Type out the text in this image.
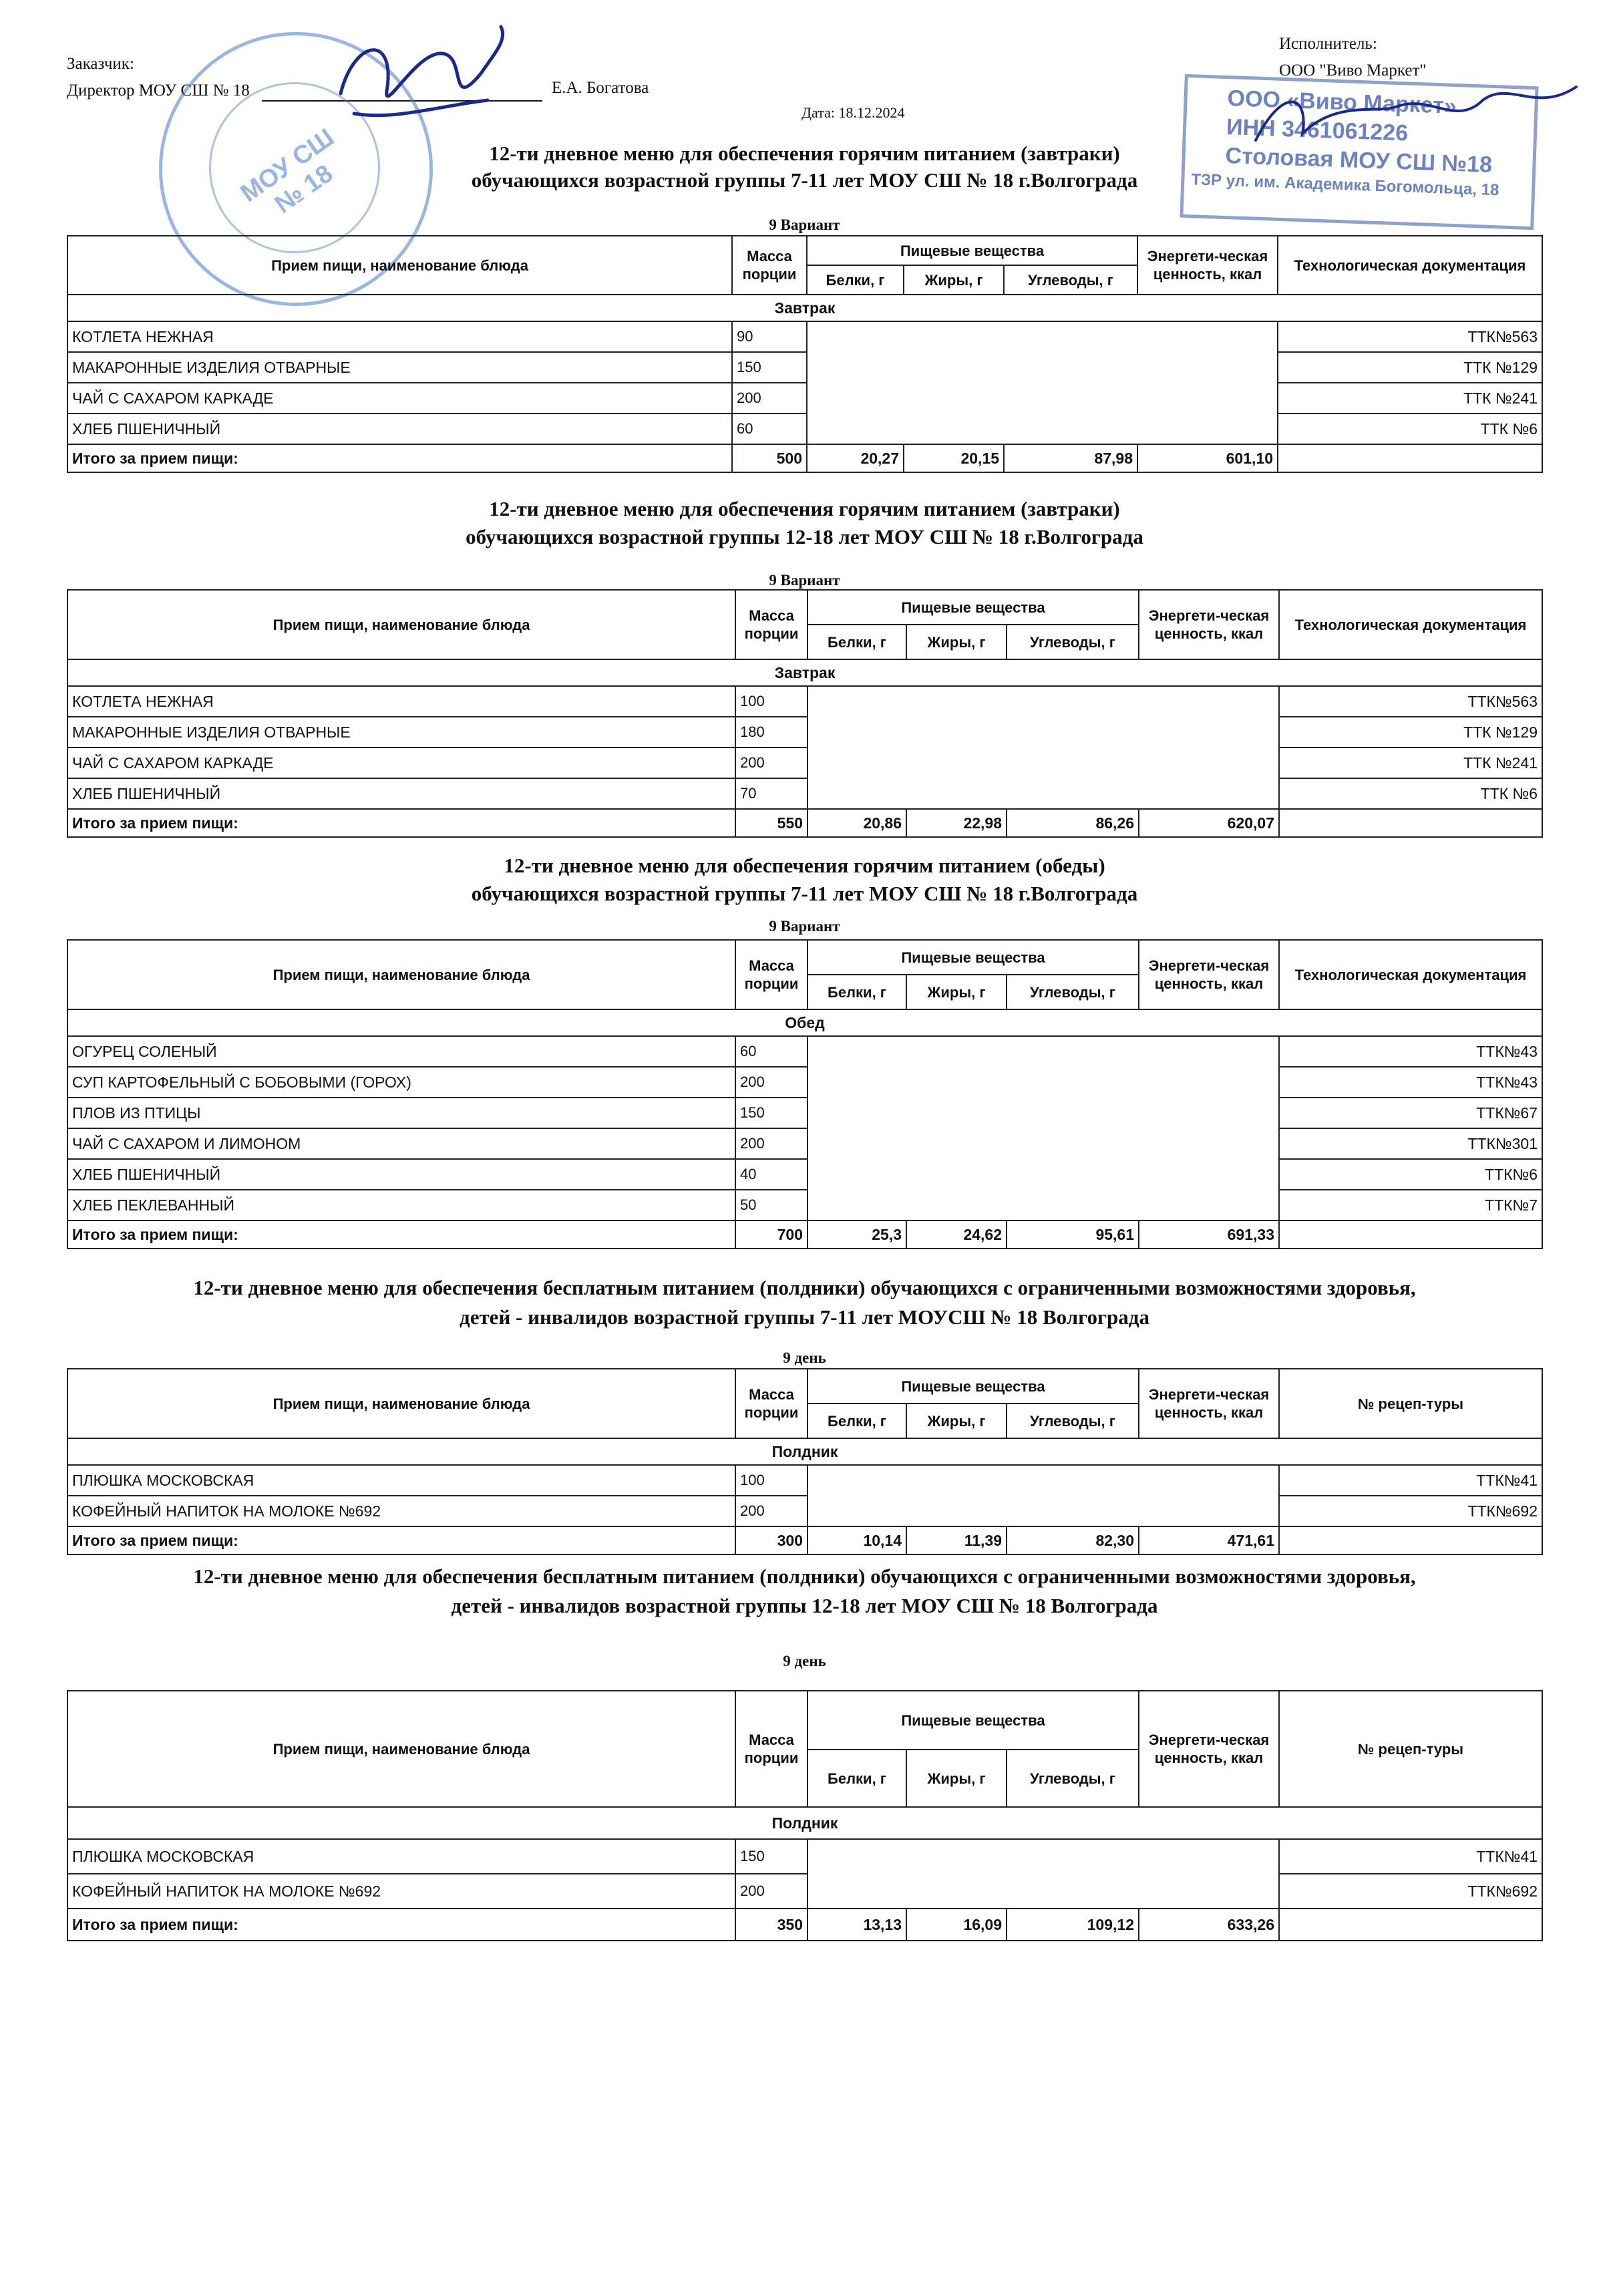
Заказчик:
Директор МОУ СШ № 18	Е.А. Богатова
Исполнитель:
ООО "Виво Маркет"
Дата: 18.12.2024
МОУ СШ № 18
ООО «Виво Маркет»
ИНН 3461061226
Столовая МОУ СШ №18
ТЗР ул. им. Академика Богомольца, 18
12-ти дневное меню для обеспечения горячим питанием (завтраки)
обучающихся возрастной группы 7-11 лет МОУ СШ № 18 г.Волгограда
9 Вариант
Прием пищи, наименование блюда	Масса порции	Пищевые вещества			Энергети-ческая ценность, ккал	Технологическая документация
		Белки, г	Жиры, г	Углеводы, г		
Завтрак						
КОТЛЕТА НЕЖНАЯ	90					ТТК№563
МАКАРОННЫЕ ИЗДЕЛИЯ ОТВАРНЫЕ	150					ТТК №129
ЧАЙ С САХАРОМ КАРКАДЕ	200					ТТК №241
ХЛЕБ ПШЕНИЧНЫЙ	60					ТТК №6
Итого за прием пищи:	500	20,27	20,15	87,98	601,10	
12-ти дневное меню для обеспечения горячим питанием (завтраки)
обучающихся возрастной группы 12-18 лет МОУ СШ № 18 г.Волгограда
9 Вариант
Прием пищи, наименование блюда	Масса порции	Пищевые вещества			Энергети-ческая ценность, ккал	Технологическая документация
		Белки, г	Жиры, г	Углеводы, г		
Завтрак						
КОТЛЕТА НЕЖНАЯ	100					ТТК№563
МАКАРОННЫЕ ИЗДЕЛИЯ ОТВАРНЫЕ	180					ТТК №129
ЧАЙ С САХАРОМ КАРКАДЕ	200					ТТК №241
ХЛЕБ ПШЕНИЧНЫЙ	70					ТТК №6
Итого за прием пищи:	550	20,86	22,98	86,26	620,07	
12-ти дневное меню для обеспечения горячим питанием (обеды)
обучающихся возрастной группы 7-11 лет МОУ СШ № 18 г.Волгограда
9 Вариант
Прием пищи, наименование блюда	Масса порции	Пищевые вещества			Энергети-ческая ценность, ккал	Технологическая документация
		Белки, г	Жиры, г	Углеводы, г		
Обед						
ОГУРЕЦ СОЛЕНЫЙ	60					ТТК№43
СУП КАРТОФЕЛЬНЫЙ С БОБОВЫМИ (ГОРОХ)	200					ТТК№43
ПЛОВ ИЗ ПТИЦЫ	150					ТТК№67
ЧАЙ С САХАРОМ И ЛИМОНОМ	200					ТТК№301
ХЛЕБ ПШЕНИЧНЫЙ	40					ТТК№6
ХЛЕБ ПЕКЛЕВАННЫЙ	50					ТТК№7
Итого за прием пищи:	700	25,3	24,62	95,61	691,33	
12-ти дневное меню для обеспечения бесплатным питанием (полдники) обучающихся с ограниченными возможностями здоровья,
детей - инвалидов возрастной группы 7-11 лет МОУСШ № 18 Волгограда
9 день
Прием пищи, наименование блюда	Масса порции	Пищевые вещества			Энергети-ческая ценность, ккал	№ рецеп-туры
		Белки, г	Жиры, г	Углеводы, г		
Полдник						
ПЛЮШКА МОСКОВСКАЯ	100					ТТК№41
КОФЕЙНЫЙ НАПИТОК НА МОЛОКЕ №692	200					ТТК№692
Итого за прием пищи:	300	10,14	11,39	82,30	471,61	
12-ти дневное меню для обеспечения бесплатным питанием (полдники) обучающихся с ограниченными возможностями здоровья,
детей - инвалидов возрастной группы 12-18 лет МОУ СШ № 18 Волгограда
9 день
Прием пищи, наименование блюда	Масса порции	Пищевые вещества			Энергети-ческая ценность, ккал	№ рецеп-туры
		Белки, г	Жиры, г	Углеводы, г		
Полдник						
ПЛЮШКА МОСКОВСКАЯ	150					ТТК№41
КОФЕЙНЫЙ НАПИТОК НА МОЛОКЕ №692	200					ТТК№692
Итого за прием пищи:	350	13,13	16,09	109,12	633,26	
